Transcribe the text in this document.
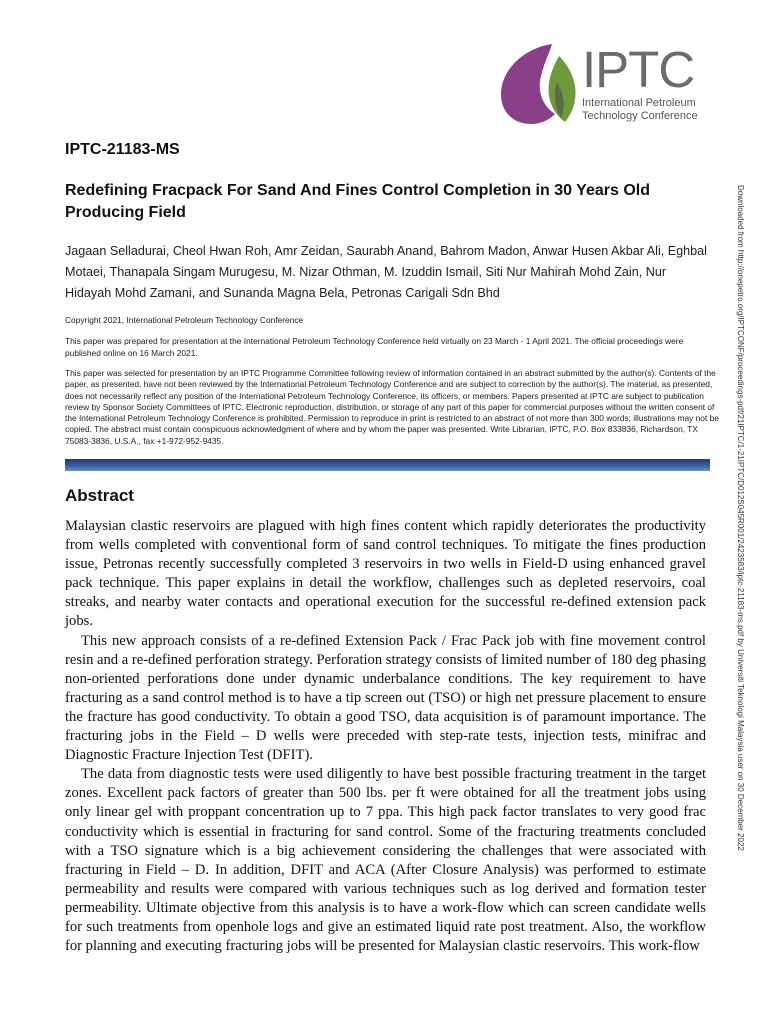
IPTC
International Petroleum Technology Conference
IPTC-21183-MS
Redefining Fracpack For Sand And Fines Control Completion in 30 Years Old Producing Field
Jagaan Selladurai, Cheol Hwan Roh, Amr Zeidan, Saurabh Anand, Bahrom Madon, Anwar Husen Akbar Ali, Eghbal Motaei, Thanapala Singam Murugesu, M. Nizar Othman, M. Izuddin Ismail, Siti Nur Mahirah Mohd Zain, Nur Hidayah Mohd Zamani, and Sunanda Magna Bela, Petronas Carigali Sdn Bhd
Copyright 2021, International Petroleum Technology Conference
This paper was prepared for presentation at the International Petroleum Technology Conference held virtually on 23 March - 1 April 2021. The official proceedings were published online on 16 March 2021.
This paper was selected for presentation by an IPTC Programme Committee following review of information contained in an abstract submitted by the author(s). Contents of the paper, as presented, have not been reviewed by the International Petroleum Technology Conference and are subject to correction by the author(s). The material, as presented, does not necessarily reflect any position of the International Petroleum Technology Conference, its officers, or members. Papers presented at IPTC are subject to publication review by Sponsor Society Committees of IPTC. Electronic reproduction, distribution, or storage of any part of this paper for commercial purposes without the written consent of the International Petroleum Technology Conference is prohibited. Permission to reproduce in print is restricted to an abstract of not more than 300 words; illustrations may not be copied. The abstract must contain conspicuous acknowledgment of where and by whom the paper was presented. Write Librarian, IPTC, P.O. Box 833836, Richardson, TX 75083-3836, U.S.A., fax +1-972-952-9435.
Abstract

Malaysian clastic reservoirs are plagued with high fines content which rapidly deteriorates the productivity from wells completed with conventional form of sand control techniques. To mitigate the fines production issue, Petronas recently successfully completed 3 reservoirs in two wells in Field-D using enhanced gravel pack technique. This paper explains in detail the workflow, challenges such as depleted reservoirs, coal streaks, and nearby water contacts and operational execution for the successful re-defined extension pack jobs.

This new approach consists of a re-defined Extension Pack / Frac Pack job with fine movement control resin and a re-defined perforation strategy. Perforation strategy consists of limited number of 180 deg phasing non-oriented perforations done under dynamic underbalance conditions. The key requirement to have fracturing as a sand control method is to have a tip screen out (TSO) or high net pressure placement to ensure the fracture has good conductivity. To obtain a good TSO, data acquisition is of paramount importance. The fracturing jobs in the Field – D wells were preceded with step-rate tests, injection tests, minifrac and Diagnostic Fracture Injection Test (DFIT).

The data from diagnostic tests were used diligently to have best possible fracturing treatment in the target zones. Excellent pack factors of greater than 500 lbs. per ft were obtained for all the treatment jobs using only linear gel with proppant concentration up to 7 ppa. This high pack factor translates to very good frac conductivity which is essential in fracturing for sand control. Some of the fracturing treatments concluded with a TSO signature which is a big achievement considering the challenges that were associated with fracturing in Field – D. In addition, DFIT and ACA (After Closure Analysis) was performed to estimate permeability and results were compared with various techniques such as log derived and formation tester permeability. Ultimate objective from this analysis is to have a work-flow which can screen candidate wells for such treatments from openhole logs and give an estimated liquid rate post treatment. Also, the workflow for planning and executing fracturing jobs will be presented for Malaysian clastic reservoirs. This work-flow

Downloaded from http://onepetro.org/IPTCONF/proceedings-pdf/21IPTC/1-21IPTC/D012S045R001/2423583/iptc-21183-ms.pdf by Universiti Teknologi Malaysia user on 30 December 2022
